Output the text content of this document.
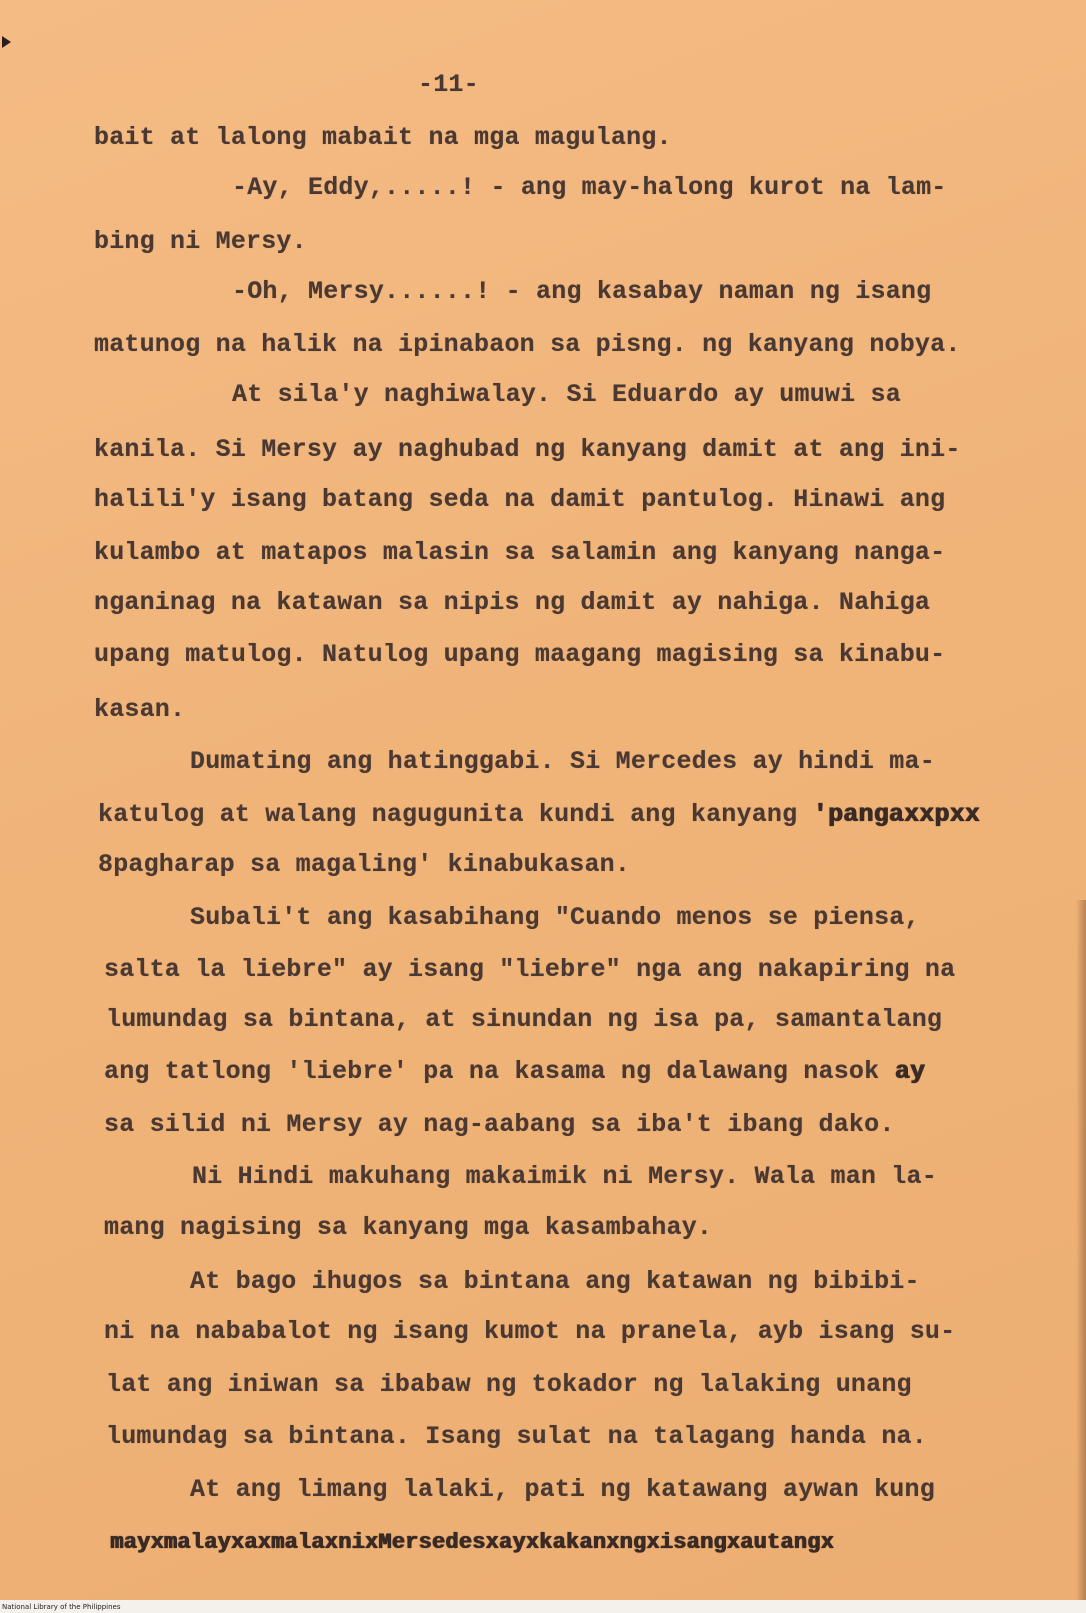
-11-
bait at lalong mabait na mga magulang.
-Ay, Eddy,.....! - ang may-halong kurot na lam-
bing ni Mersy.
-Oh, Mersy......! - ang kasabay naman ng isang
matunog na halik na ipinabaon sa pisng. ng kanyang nobya.
At sila'y naghiwalay. Si Eduardo ay umuwi sa
kanila. Si Mersy ay naghubad ng kanyang damit at ang ini-
halili'y isang batang seda na damit pantulog. Hinawi ang
kulambo at matapos malasin sa salamin ang kanyang nanga-
nganinag na katawan sa nipis ng damit ay nahiga. Nahiga
upang matulog. Natulog upang maagang magising sa kinabu-
kasan.
Dumating ang hatinggabi. Si Mercedes ay hindi ma-
katulog at walang nagugunita kundi ang kanyang 'pangaxxpxx
8pagharap sa magaling' kinabukasan.
Subali't ang kasabihang "Cuando menos se piensa,
salta la liebre" ay isang "liebre" nga ang nakapiring na
lumundag sa bintana, at sinundan ng isa pa, samantalang
ang tatlong 'liebre' pa na kasama ng dalawang nasok ay
sa silid ni Mersy ay nag-aabang sa iba't ibang dako.
Ni Hindi makuhang makaimik ni Mersy. Wala man la-
mang nagising sa kanyang mga kasambahay.
At bago ihugos sa bintana ang katawan ng bibibi-
ni na nababalot ng isang kumot na pranela, ayb isang su-
lat ang iniwan sa ibabaw ng tokador ng lalaking unang
lumundag sa bintana. Isang sulat na talagang handa na.
At ang limang lalaki, pati ng katawang aywan kung
mayxmalayxaxmalaxnixMersedesxayxkakanxngxisangxautangx
National Library of the Philippines
